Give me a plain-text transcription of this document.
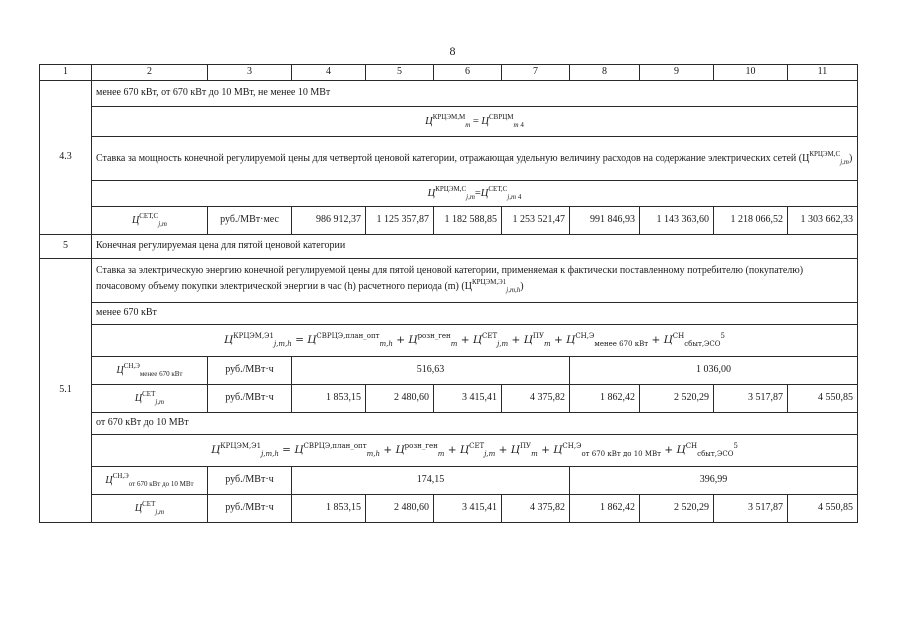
8
1	2	3	4	5	6	7	8	9	10	11
4.3	менее 670 кВт, от 670 кВт до 10 МВт, не менее 10 МВт									
	$Ц^{КРЦЭМ,М}_m = Ц^{СВРЦМ}_m$ $_4$
	Ставка за мощность конечной регулируемой цены для четвертой ценовой категории, отражающая удельную величину расходов на содержание электрических сетей $(Ц^{КРЦЭМ,С}_{j,m})$									
	$Ц^{КРЦЭМ,С}_{j,m}=Ц^{СЕТ,С}_{j,m}$ $_4$
	$Ц^{СЕТ,С}_{j,m}$	руб./МВт·мес	986 912,37	1 125 357,87	1 182 588,85	1 253 521,47	991 846,93	1 143 363,60	1 218 066,52	1 303 662,33
5	Конечная регулируемая цена для пятой ценовой категории									
5.1	Ставка за электрическую энергию конечной регулируемой цены для пятой ценовой категории, применяемая к фактически поставленному потребителю (покупателю) почасовому объему покупки электрической энергии в час (h) расчетного периода (m) $(Ц^{КРЦЭМ,Э1}_{j,m,h})$									
	менее 670 кВт									
	$Ц^{КРЦЭМ,Э1}_{j,m,h} = Ц^{СВРЦЭ,план\_опт}_{m,h} + Ц^{розн\_ген}_m + Ц^{СЕТ}_{j,m} + Ц^{ПУ}_m + Ц^{СН,Э}_{менее 670 кВт} + Ц^{СН}_{сбыт,ЭСО}^5$
	$Ц^{СН,Э}_{менее 670 кВт}$	руб./МВт·ч	516,63				1 036,00			
	$Ц^{СЕТ}_{j,m}$	руб./МВт·ч	1 853,15	2 480,60	3 415,41	4 375,82	1 862,42	2 520,29	3 517,87	4 550,85
	от 670 кВт до 10 МВт									
	$Ц^{КРЦЭМ,Э1}_{j,m,h} = Ц^{СВРЦЭ,план\_опт}_{m,h} + Ц^{розн\_ген}_m + Ц^{СЕТ}_{j,m} + Ц^{ПУ}_m + Ц^{СН,Э}_{от 670 кВт до 10 МВт} + Ц^{СН}_{сбыт,ЭСО}^5$
	$Ц^{СН,Э}_{от 670 кВт до 10 МВт}$	руб./МВт·ч	174,15				396,99			
	$Ц^{СЕТ}_{j,m}$	руб./МВт·ч	1 853,15	2 480,60	3 415,41	4 375,82	1 862,42	2 520,29	3 517,87	4 550,85
